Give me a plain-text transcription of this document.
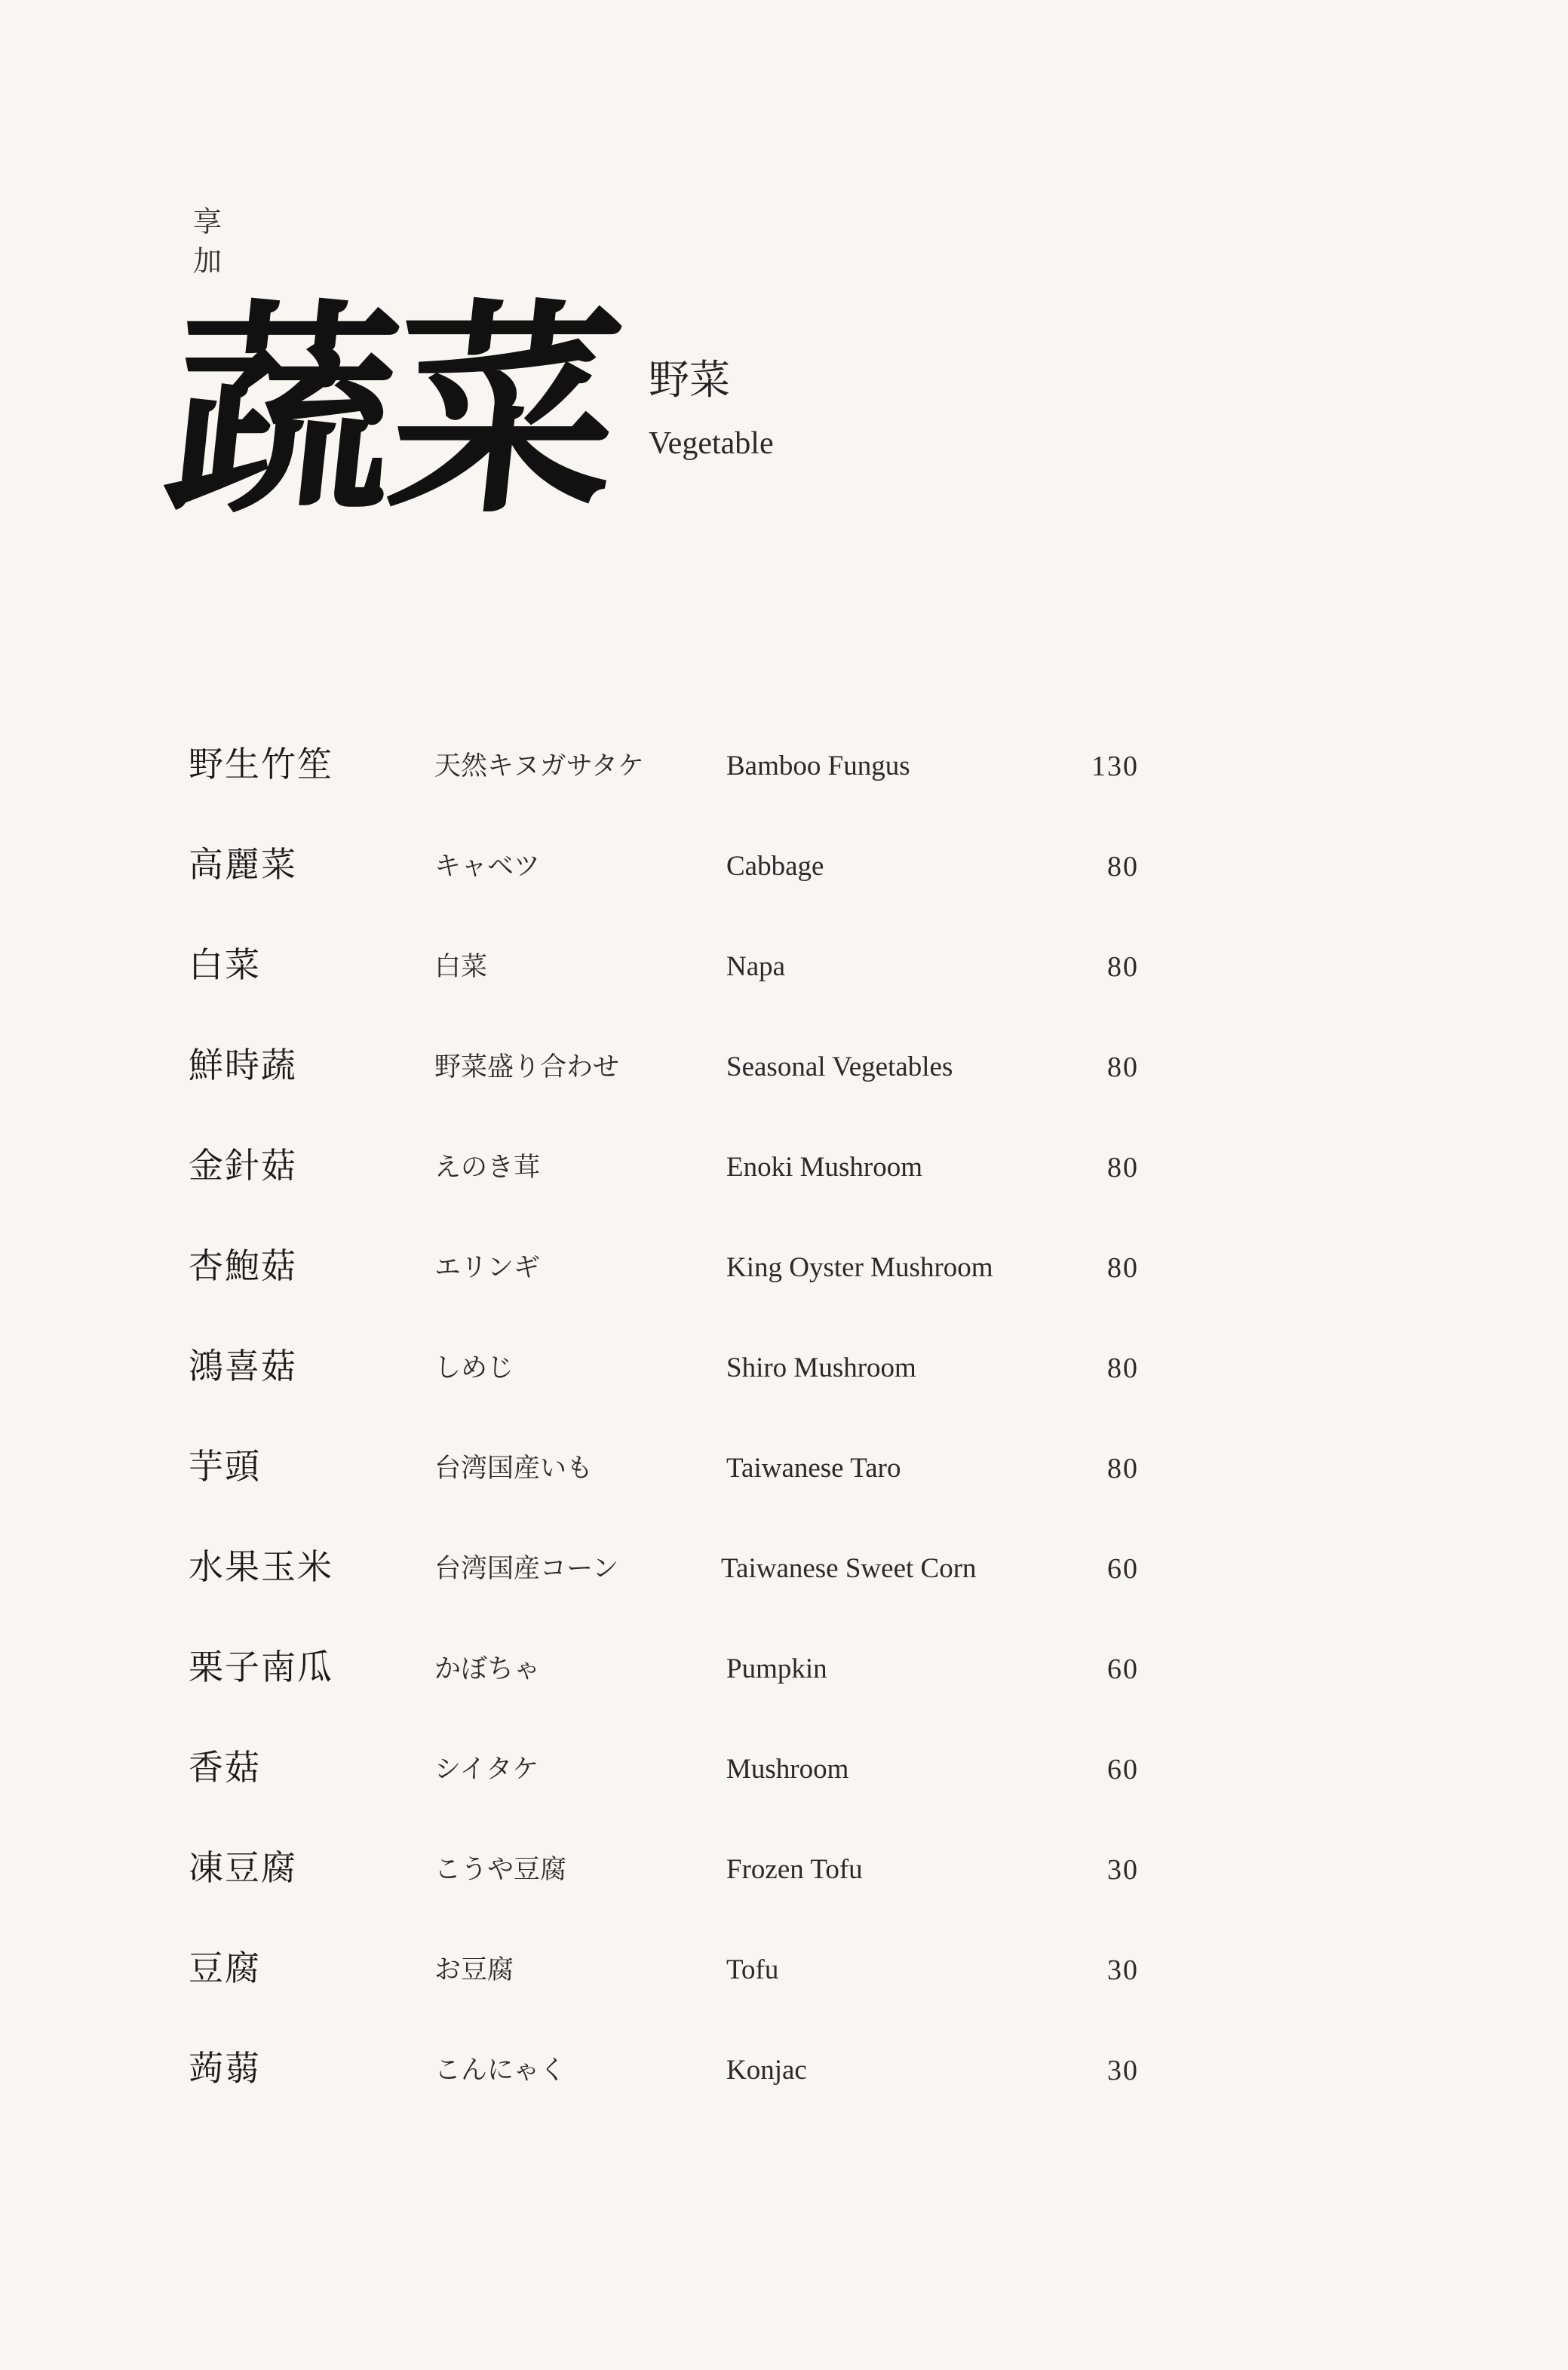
享
加
蔬菜 野菜
Vegetable
野生竹笙	天然キヌガサタケ	Bamboo Fungus	130
高麗菜	キャベツ	Cabbage	80
白菜	白菜	Napa	80
鮮時蔬	野菜盛り合わせ	Seasonal Vegetables	80
金針菇	えのき茸	Enoki Mushroom	80
杏鮑菇	エリンギ	King Oyster Mushroom	80
鴻喜菇	しめじ	Shiro Mushroom	80
芋頭	台湾国産いも	Taiwanese Taro	80
水果玉米	台湾国産コーン	Taiwanese Sweet Corn	60
栗子南瓜	かぼちゃ	Pumpkin	60
香菇	シイタケ	Mushroom	60
凍豆腐	こうや豆腐	Frozen Tofu	30
豆腐	お豆腐	Tofu	30
蒟蒻	こんにゃく	Konjac	30
